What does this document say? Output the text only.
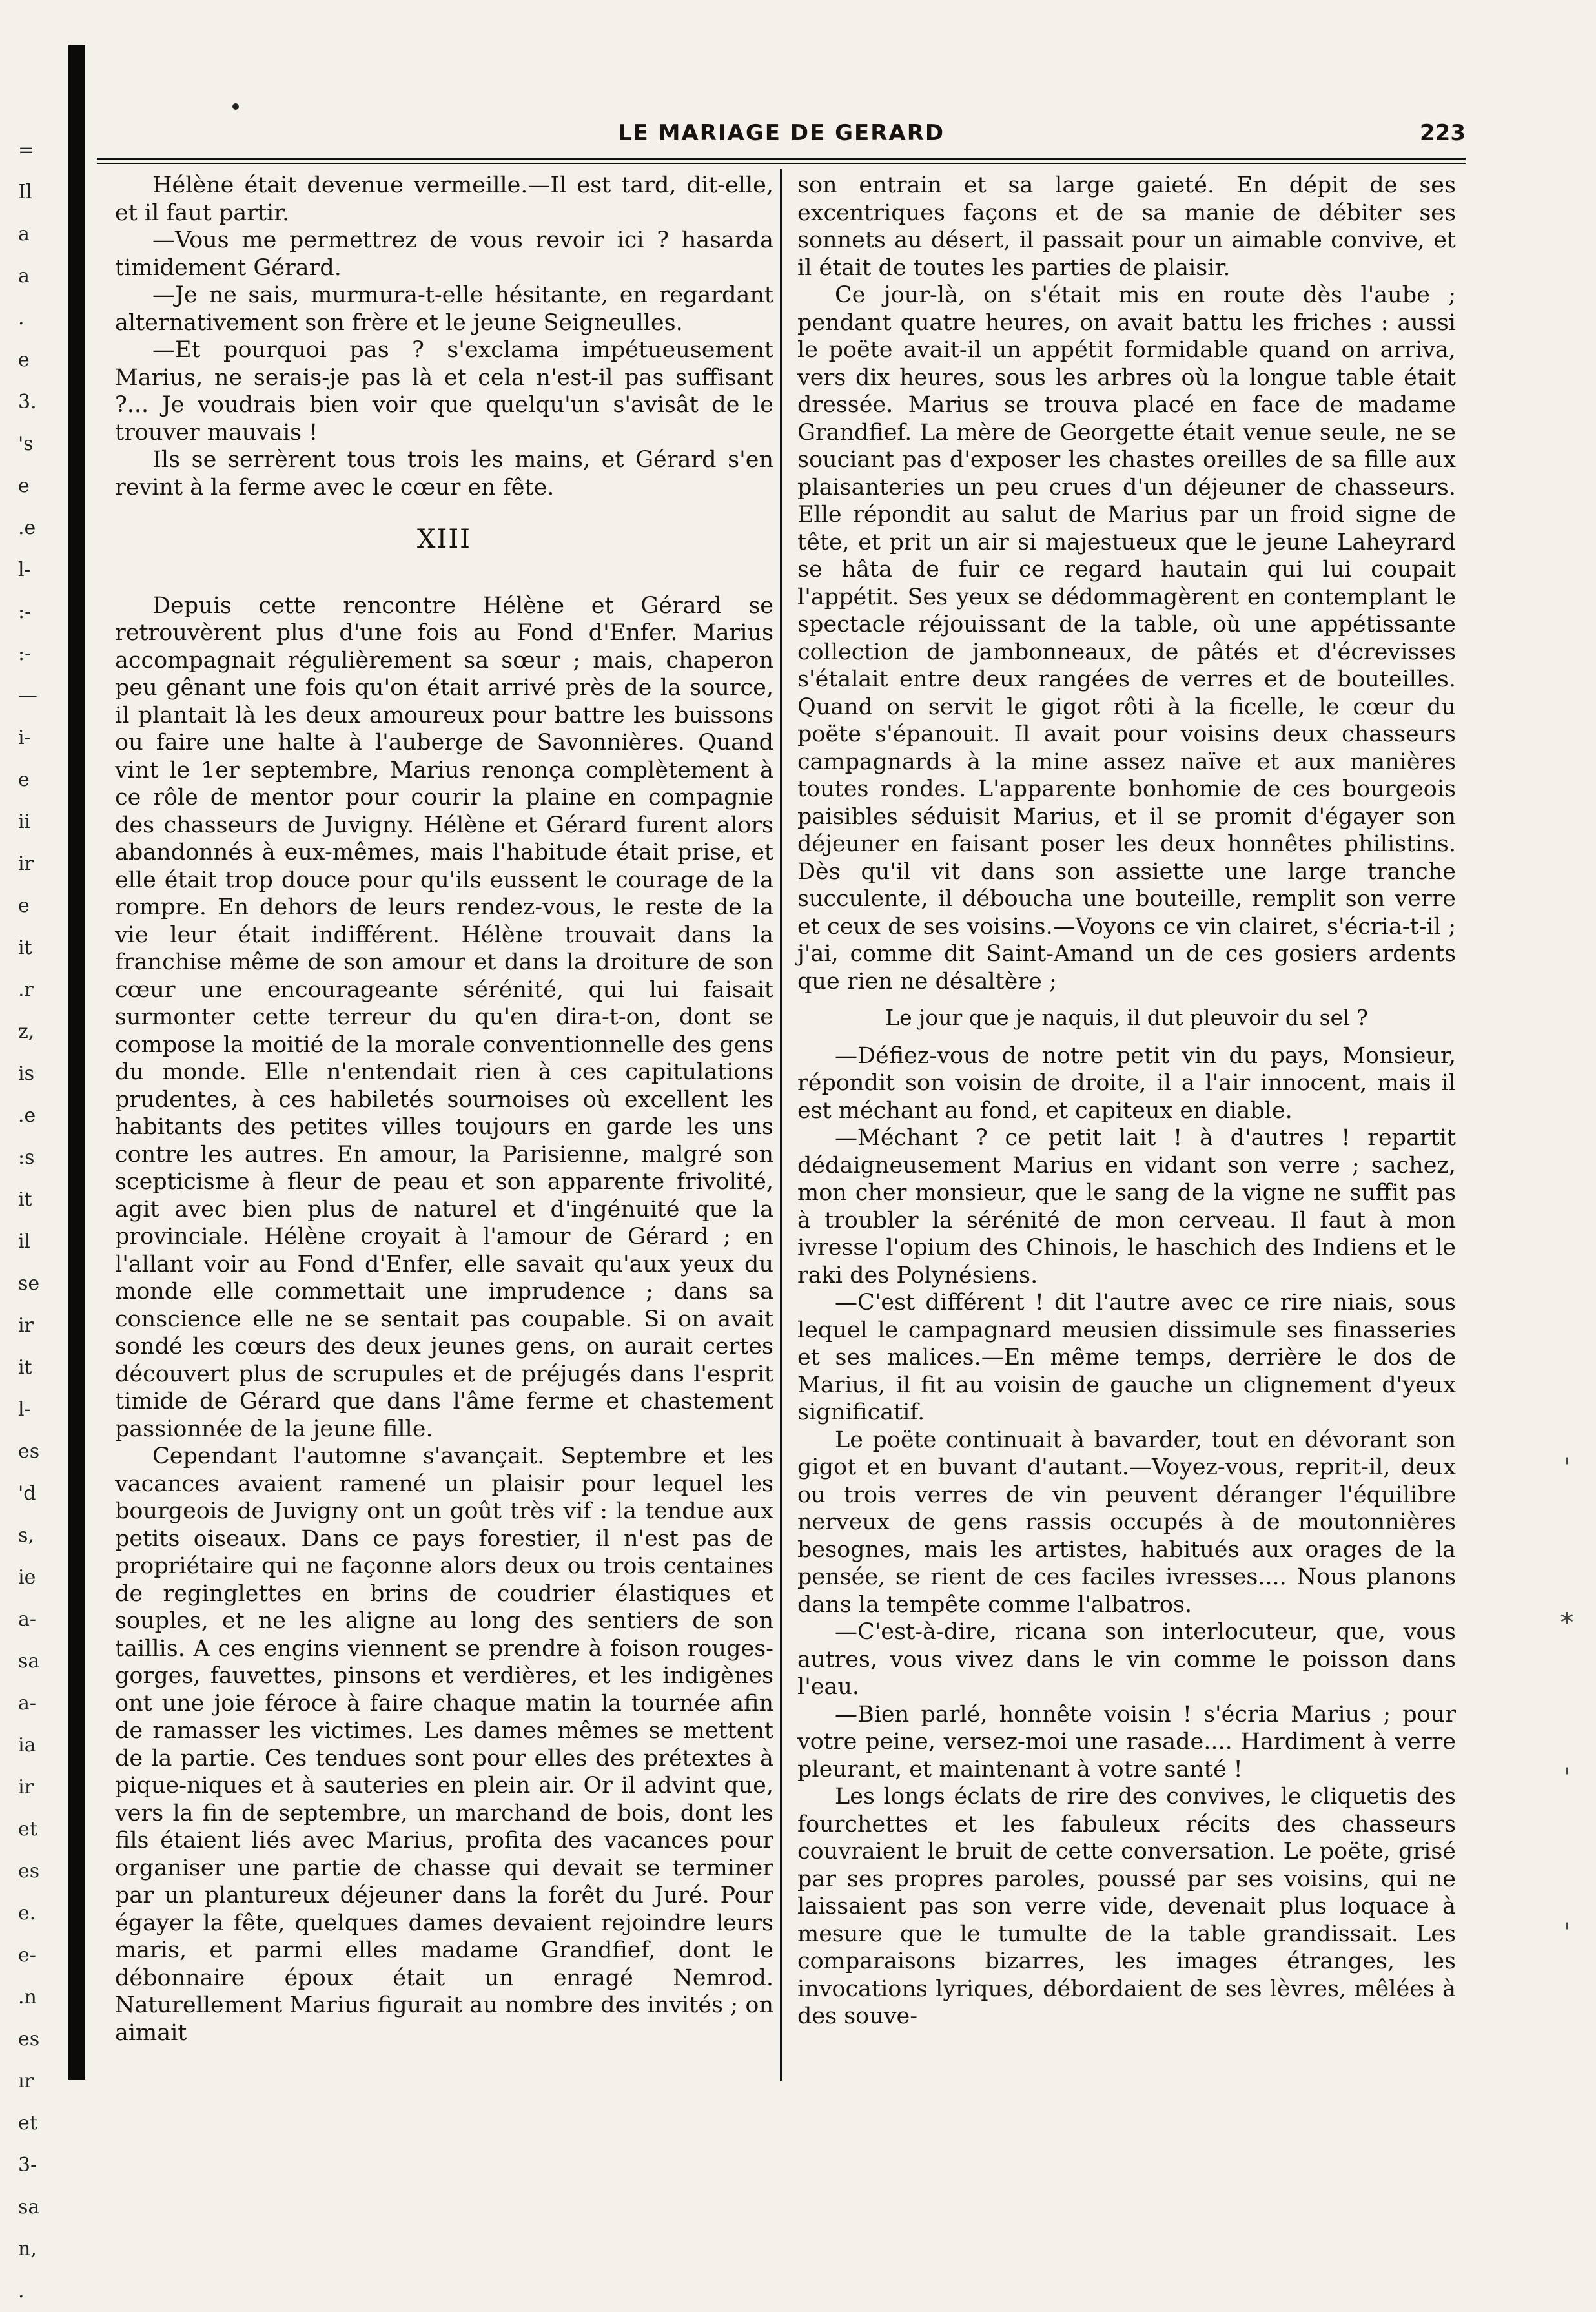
=
Il
a
a
.
e
3.
's
e
.e
l-
:-
:-
—
i-
e
ii
ir
e
it
.r
z,
is
.e
:s
it
il
se
ir
it
l-
es
'd
s,
ie
a-
sa
a-
ia
ir
et
es
e.
e-
.n
es
ır
et
3-
sa
n,
.
'
*
'
'
LE MARIAGE DE GERARD	223

Hélène était devenue vermeille.—Il est tard, dit-elle, et il faut partir.

—Vous me permettrez de vous revoir ici ? hasarda timidement Gérard.

—Je ne sais, murmura-t-elle hésitante, en regardant alternativement son frère et le jeune Seigneulles.

—Et pourquoi pas ? s'exclama impétueusement Marius, ne serais-je pas là et cela n'est-il pas suffisant ?... Je voudrais bien voir que quelqu'un s'avisât de le trouver mauvais !

Ils se serrèrent tous trois les mains, et Gérard s'en revint à la ferme avec le cœur en fête.

XIII

Depuis cette rencontre Hélène et Gérard se retrouvèrent plus d'une fois au Fond d'Enfer. Marius accompagnait régulièrement sa sœur ; mais, chaperon peu gênant une fois qu'on était arrivé près de la source, il plantait là les deux amoureux pour battre les buissons ou faire une halte à l'auberge de Savonnières. Quand vint le 1er septembre, Marius renonça complètement à ce rôle de mentor pour courir la plaine en compagnie des chasseurs de Juvigny. Hélène et Gérard furent alors abandonnés à eux-mêmes, mais l'habitude était prise, et elle était trop douce pour qu'ils eussent le courage de la rompre. En dehors de leurs rendez-vous, le reste de la vie leur était indifférent. Hélène trouvait dans la franchise même de son amour et dans la droiture de son cœur une encourageante sérénité, qui lui faisait surmonter cette terreur du qu'en dira-t-on, dont se compose la moitié de la morale conventionnelle des gens du monde. Elle n'entendait rien à ces capitulations prudentes, à ces habiletés sournoises où excellent les habitants des petites villes toujours en garde les uns contre les autres. En amour, la Parisienne, malgré son scepticisme à fleur de peau et son apparente frivolité, agit avec bien plus de naturel et d'ingénuité que la provinciale. Hélène croyait à l'amour de Gérard ; en l'allant voir au Fond d'Enfer, elle savait qu'aux yeux du monde elle commettait une imprudence ; dans sa conscience elle ne se sentait pas coupable. Si on avait sondé les cœurs des deux jeunes gens, on aurait certes découvert plus de scrupules et de préjugés dans l'esprit timide de Gérard que dans l'âme ferme et chastement passionnée de la jeune fille.

Cependant l'automne s'avançait. Septembre et les vacances avaient ramené un plaisir pour lequel les bourgeois de Juvigny ont un goût très vif : la tendue aux petits oiseaux. Dans ce pays forestier, il n'est pas de propriétaire qui ne façonne alors deux ou trois centaines de reginglettes en brins de coudrier élastiques et souples, et ne les aligne au long des sentiers de son taillis. A ces engins viennent se prendre à foison rouges-gorges, fauvettes, pinsons et verdières, et les indigènes ont une joie féroce à faire chaque matin la tournée afin de ramasser les victimes. Les dames mêmes se mettent de la partie. Ces tendues sont pour elles des prétextes à pique-niques et à sauteries en plein air. Or il advint que, vers la fin de septembre, un marchand de bois, dont les fils étaient liés avec Marius, profita des vacances pour organiser une partie de chasse qui devait se terminer par un plantureux déjeuner dans la forêt du Juré. Pour égayer la fête, quelques dames devaient rejoindre leurs maris, et parmi elles madame Grandfief, dont le débonnaire époux était un enragé Nemrod. Naturellement Marius figurait au nombre des invités ; on aimait

son entrain et sa large gaieté. En dépit de ses excentriques façons et de sa manie de débiter ses sonnets au désert, il passait pour un aimable convive, et il était de toutes les parties de plaisir.

Ce jour-là, on s'était mis en route dès l'aube ; pendant quatre heures, on avait battu les friches : aussi le poëte avait-il un appétit formidable quand on arriva, vers dix heures, sous les arbres où la longue table était dressée. Marius se trouva placé en face de madame Grandfief. La mère de Georgette était venue seule, ne se souciant pas d'exposer les chastes oreilles de sa fille aux plaisanteries un peu crues d'un déjeuner de chasseurs. Elle répondit au salut de Marius par un froid signe de tête, et prit un air si majestueux que le jeune Laheyrard se hâta de fuir ce regard hautain qui lui coupait l'appétit. Ses yeux se dédommagèrent en contemplant le spectacle réjouissant de la table, où une appétissante collection de jambonneaux, de pâtés et d'écrevisses s'étalait entre deux rangées de verres et de bouteilles. Quand on servit le gigot rôti à la ficelle, le cœur du poëte s'épanouit. Il avait pour voisins deux chasseurs campagnards à la mine assez naïve et aux manières toutes rondes. L'apparente bonhomie de ces bourgeois paisibles séduisit Marius, et il se promit d'égayer son déjeuner en faisant poser les deux honnêtes philistins. Dès qu'il vit dans son assiette une large tranche succulente, il déboucha une bouteille, remplit son verre et ceux de ses voisins.—Voyons ce vin clairet, s'écria-t-il ; j'ai, comme dit Saint-Amand un de ces gosiers ardents que rien ne désaltère ;

Le jour que je naquis, il dut pleuvoir du sel ?

—Défiez-vous de notre petit vin du pays, Monsieur, répondit son voisin de droite, il a l'air innocent, mais il est méchant au fond, et capiteux en diable.

—Méchant ? ce petit lait ! à d'autres ! repartit dédaigneusement Marius en vidant son verre ; sachez, mon cher monsieur, que le sang de la vigne ne suffit pas à troubler la sérénité de mon cerveau. Il faut à mon ivresse l'opium des Chinois, le haschich des Indiens et le raki des Polynésiens.

—C'est différent ! dit l'autre avec ce rire niais, sous lequel le campagnard meusien dissimule ses finasseries et ses malices.—En même temps, derrière le dos de Marius, il fit au voisin de gauche un clignement d'yeux significatif.

Le poëte continuait à bavarder, tout en dévorant son gigot et en buvant d'autant.—Voyez-vous, reprit-il, deux ou trois verres de vin peuvent déranger l'équilibre nerveux de gens rassis occupés à de moutonnières besognes, mais les artistes, habitués aux orages de la pensée, se rient de ces faciles ivresses.... Nous planons dans la tempête comme l'albatros.

—C'est-à-dire, ricana son interlocuteur, que, vous autres, vous vivez dans le vin comme le poisson dans l'eau.

—Bien parlé, honnête voisin ! s'écria Marius ; pour votre peine, versez-moi une rasade.... Hardiment à verre pleurant, et maintenant à votre santé !

Les longs éclats de rire des convives, le cliquetis des fourchettes et les fabuleux récits des chasseurs couvraient le bruit de cette conversation. Le poëte, grisé par ses propres paroles, poussé par ses voisins, qui ne laissaient pas son verre vide, devenait plus loquace à mesure que le tumulte de la table grandissait. Les comparaisons bizarres, les images étranges, les invocations lyriques, débordaient de ses lèvres, mêlées à des souve-
